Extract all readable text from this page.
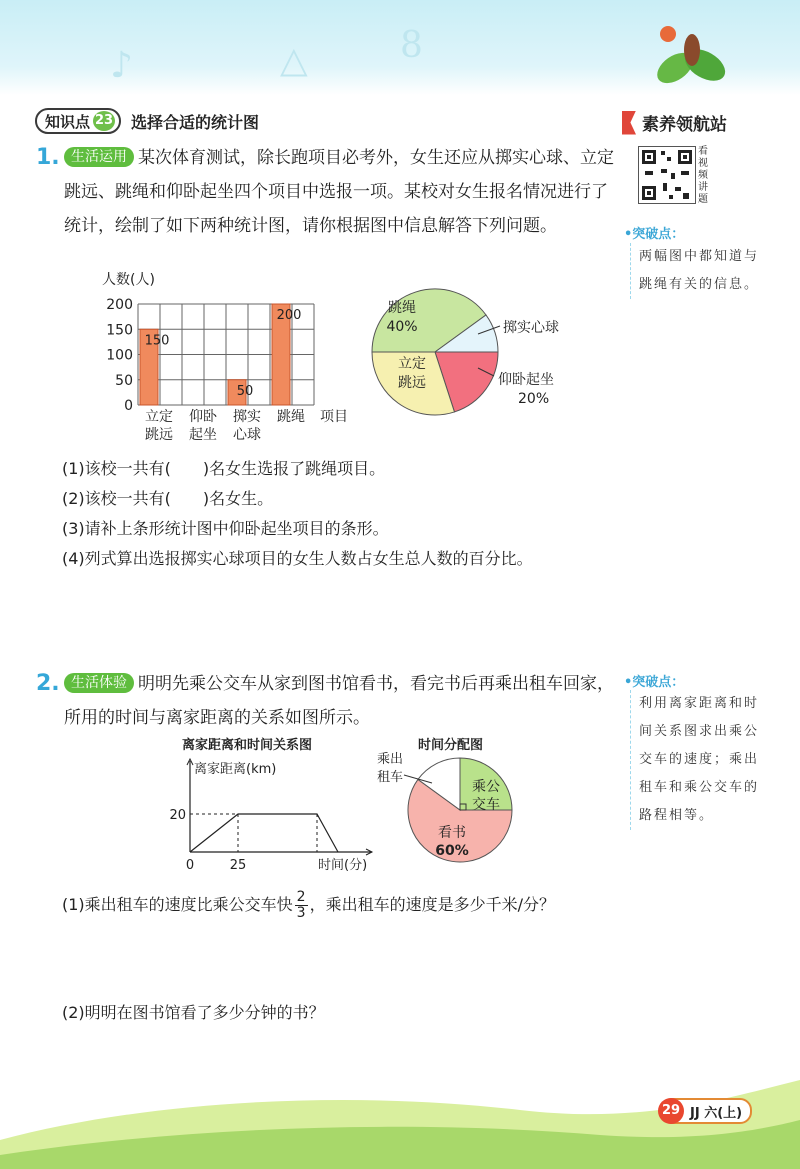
♪	△	8
知识点 23 选择合适的统计图	素养领航站
看视频讲题
1. 生活运用 某次体育测试，除长跑项目必考外，女生还应从掷实心球、立定跳远、跳绳和仰卧起坐四个项目中选报一项。某校对女生报名情况进行了统计，绘制了如下两种统计图，请你根据图中信息解答下列问题。	•突破点：
两幅图中都知道与跳绳有关的信息。
人数(人)
0
50
100
150
200
150
立定
跳远
仰卧
起坐
50
掷实
心球
200
跳绳 项目
跳绳
40%	掷实心球
仰卧起坐
20%
立定
跳远
(1)该校一共有(　　)名女生选报了跳绳项目。
(2)该校一共有(　　)名女生。
(3)请补上条形统计图中仰卧起坐项目的条形。
(4)列式算出选报掷实心球项目的女生人数占女生总人数的百分比。
2. 生活体验 明明先乘公交车从家到图书馆看书，看完书后再乘出租车回家，所用的时间与离家距离的关系如图所示。
•突破点：
利用离家距离和时间关系图求出乘公交车的速度；乘出租车和乘公交车的路程相等。
离家距离和时间关系图
离家距离(km)
20
0	25	时间(分)
时间分配图
乘公
交车
看书
60%
乘出
租车
(1)乘出租车的速度比乘公交车快 $\frac{2}{3}$ ，乘出租车的速度是多少千米/分？
(2)明明在图书馆看了多少分钟的书？
29 JJ 六(上)
